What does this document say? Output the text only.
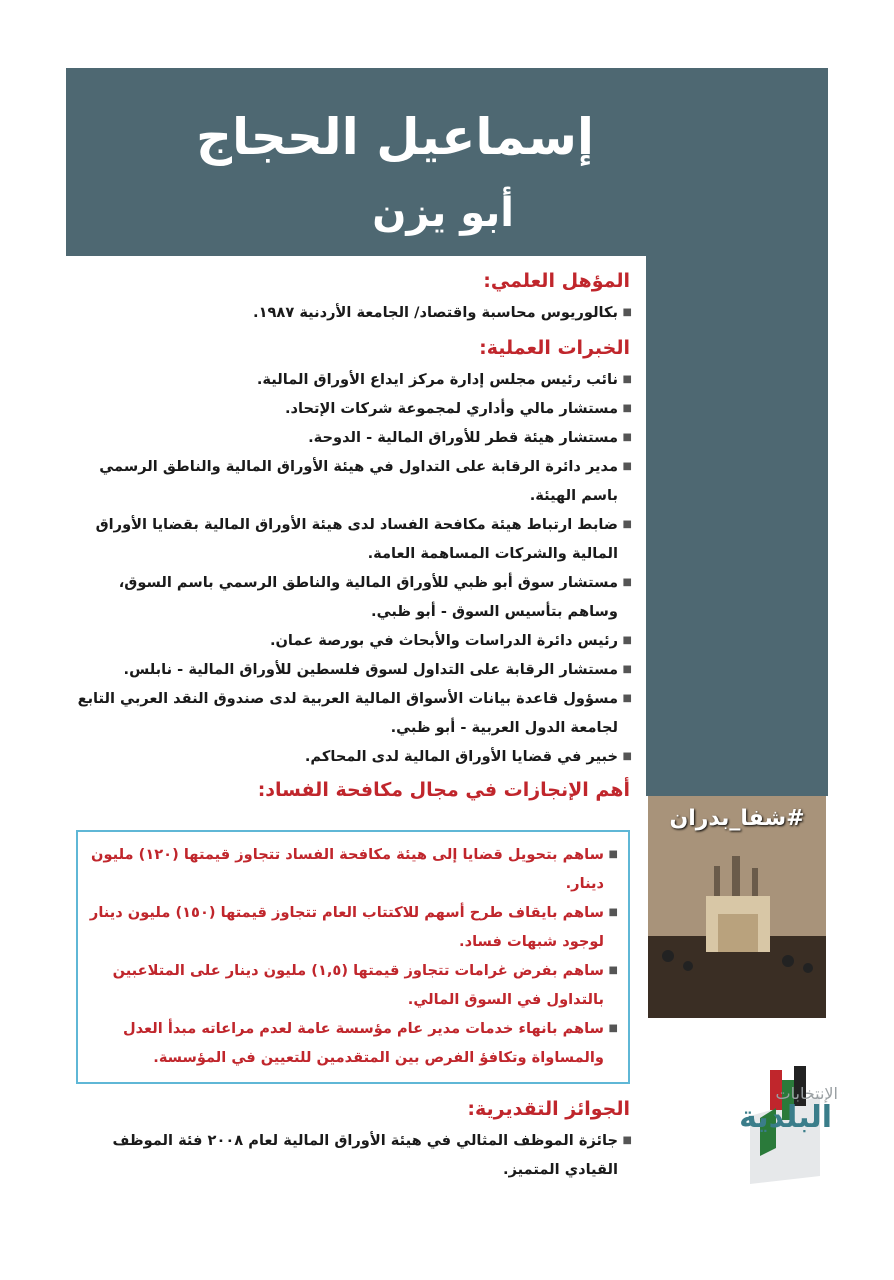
إسماعيل الحجاج
أبو يزن
المؤهل العلمي:
■ بكالوريوس محاسبة واقتصاد/ الجامعة الأردنية ١٩٨٧.
الخبرات العملية:
■ نائب رئيس مجلس إدارة مركز ايداع الأوراق المالية.
■ مستشار مالي وأداري لمجموعة شركات الإتحاد.
■ مستشار هيئة قطر للأوراق المالية - الدوحة.
■ مدير دائرة الرقابة على التداول في هيئة الأوراق المالية والناطق الرسمي باسم الهيئة.
■ ضابط ارتباط هيئة مكافحة الفساد لدى هيئة الأوراق المالية بقضايا الأوراق المالية والشركات المساهمة العامة.
■ مستشار سوق أبو ظبي للأوراق المالية والناطق الرسمي باسم السوق، وساهم بتأسيس السوق - أبو ظبي.
■ رئيس دائرة الدراسات والأبحاث في بورصة عمان.
■ مستشار الرقابة على التداول لسوق فلسطين للأوراق المالية - نابلس.
■ مسؤول قاعدة بيانات الأسواق المالية العربية لدى صندوق النقد العربي التابع لجامعة الدول العربية - أبو ظبي.
■ خبير في قضايا الأوراق المالية لدى المحاكم.
أهم الإنجازات في مجال مكافحة الفساد:
■ ساهم بتحويل قضايا إلى هيئة مكافحة الفساد تتجاوز قيمتها (١٢٠) مليون دينار.
■ ساهم بايقاف طرح أسهم للاكتتاب العام تتجاوز قيمتها (١٥٠) مليون دينار لوجود شبهات فساد.
■ ساهم بفرض غرامات تتجاوز قيمتها (١,٥) مليون دينار على المتلاعبين بالتداول في السوق المالي.
■ ساهم بانهاء خدمات مدير عام مؤسسة عامة لعدم مراعاته مبدأ العدل والمساواة وتكافؤ الفرص بين المتقدمين للتعيين في المؤسسة.
الجوائز التقديرية:
■ جائزة الموظف المثالي في هيئة الأوراق المالية لعام ٢٠٠٨ فئة الموظف القيادي المتميز.
#شفا_بدران
الإنتخابات
البلدية
